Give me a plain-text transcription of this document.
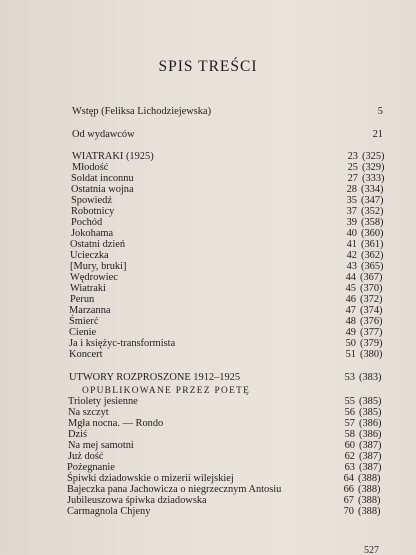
SPIS TREŚCI
Wstęp (Feliksa Lichodziejewska)	5
Od wydawców	21
WIATRAKI (1925)	23 (325)
Młodość	25 (329)
Soldat inconnu	27 (333)
Ostatnia wojna	28 (334)
Spowiedź	35 (347)
Robotnicy	37 (352)
Pochód	39 (358)
Jokohama	40 (360)
Ostatni dzień	41 (361)
Ucieczka	42 (362)
[Mury, bruki]	43 (365)
Wędrowiec	44 (367)
Wiatraki	45 (370)
Perun	46 (372)
Marzanna	47 (374)
Śmierć	48 (376)
Cienie	49 (377)
Ja i księżyc-transformista	50 (379)
Koncert	51 (380)
UTWORY ROZPROSZONE 1912–1925	53 (383)
OPUBLIKOWANE PRZEZ POETĘ
Triolety jesienne	55 (385)
Na szczyt	56 (385)
Mgła nocna. — Rondo	57 (386)
Dziś	58 (386)
Na mej samotni	60 (387)
Już dość	62 (387)
Pożegnanie	63 (387)
Śpiwki dziadowskie o mizerii wilejskiej	64 (388)
Bajeczka pana Jachowicza o niegrzecznym Antosiu	66 (388)
Jubileuszowa śpiwka dziadowska	67 (388)
Carmagnola Chjeny	70 (388)
527
